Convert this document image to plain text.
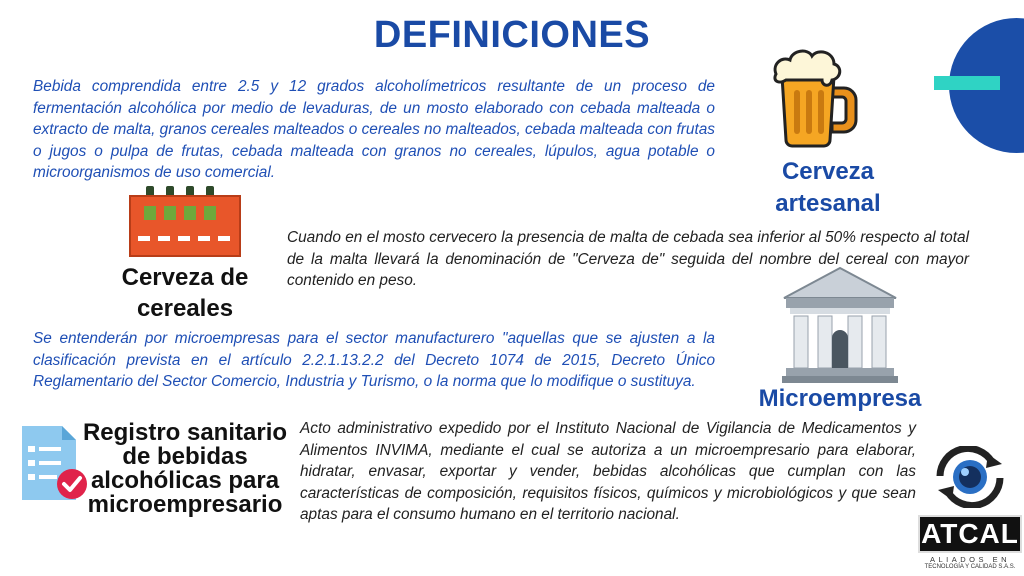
DEFINICIONES
Bebida comprendida entre 2.5 y 12 grados alcoholímetricos resultante de un proceso de fermentación alcohólica por medio de levaduras, de un mosto elaborado con cebada malteada o extracto de malta, granos cereales malteados o cereales no malteados, cebada malteada con frutas o jugos o pulpa de frutas, cebada malteada con granos no cereales, lúpulos, agua potable o microorganismos de uso comercial.	Cerveza artesanal
Cerveza de cereales
Cuando en el mosto cervecero la presencia de malta de cebada sea inferior al 50% respecto al total de la malta llevará la denominación de "Cerveza de" seguida del nombre del cereal con mayor contenido en peso.
Microempresa
Se entenderán por microempresas para el sector manufacturero "aquellas que se ajusten a la clasificación prevista en el artículo 2.2.1.13.2.2 del Decreto 1074 de 2015, Decreto Único Reglamentario del Sector Comercio, Industria y Turismo, o la norma que lo modifique o sustituya.
Registro sanitario de bebidas alcohólicas para microempresario
Acto administrativo expedido por el Instituto Nacional de Vigilancia de Medicamentos y Alimentos INVIMA, mediante el cual se autoriza a un microempresario para elaborar, hidratar, envasar, exportar y vender, bebidas alcohólicas que cumplan con las características de composición, requisitos físicos, químicos y microbiológicos y que sean aptas para el consumo humano en el territorio nacional.
ATCAL
ALIADOS EN
TECNOLOGÍA Y CALIDAD S.A.S.
